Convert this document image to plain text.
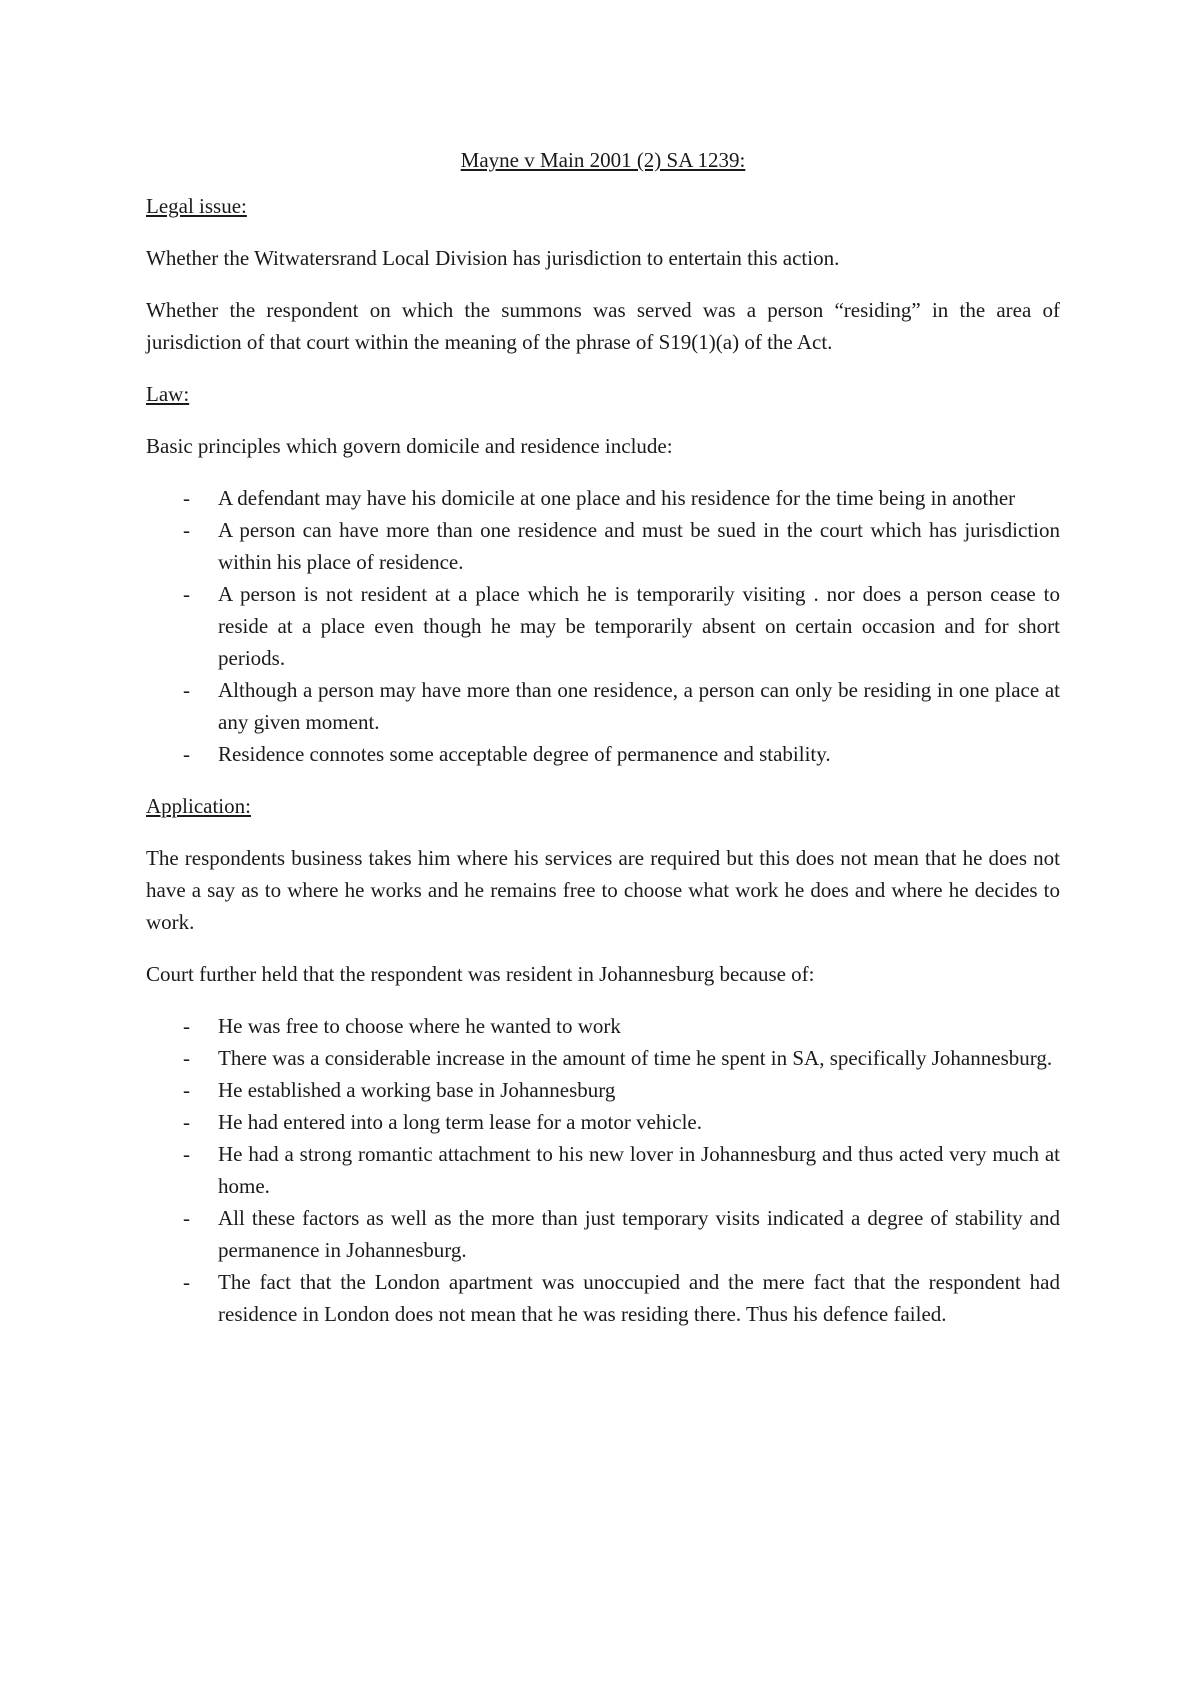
Mayne v Main 2001 (2) SA 1239:
Legal issue:

Whether the Witwatersrand Local Division has jurisdiction to entertain this action.

Whether the respondent on which the summons was served was a person “residing” in the area of jurisdiction of that court within the meaning of the phrase of S19(1)(a) of the Act.

Law:

Basic principles which govern domicile and residence include:

- A defendant may have his domicile at one place and his residence for the time being in another
- A person can have more than one residence and must be sued in the court which has jurisdiction within his place of residence.
- A person is not resident at a place which he is temporarily visiting . nor does a person cease to reside at a place even though he may be temporarily absent on certain occasion and for short periods.
- Although a person may have more than one residence, a person can only be residing in one place at any given moment.
- Residence connotes some acceptable degree of permanence and stability.
Application:

The respondents business takes him where his services are required but this does not mean that he does not have a say as to where he works and he remains free to choose what work he does and where he decides to work.

Court further held that the respondent was resident in Johannesburg because of:

- He was free to choose where he wanted to work
- There was a considerable increase in the amount of time he spent in SA, specifically Johannesburg.
- He established a working base in Johannesburg
- He had entered into a long term lease for a motor vehicle.
- He had a strong romantic attachment to his new lover in Johannesburg and thus acted very much at home.
- All these factors as well as the more than just temporary visits indicated a degree of stability and permanence in Johannesburg.
- The fact that the London apartment was unoccupied and the mere fact that the respondent had residence in London does not mean that he was residing there. Thus his defence failed.
